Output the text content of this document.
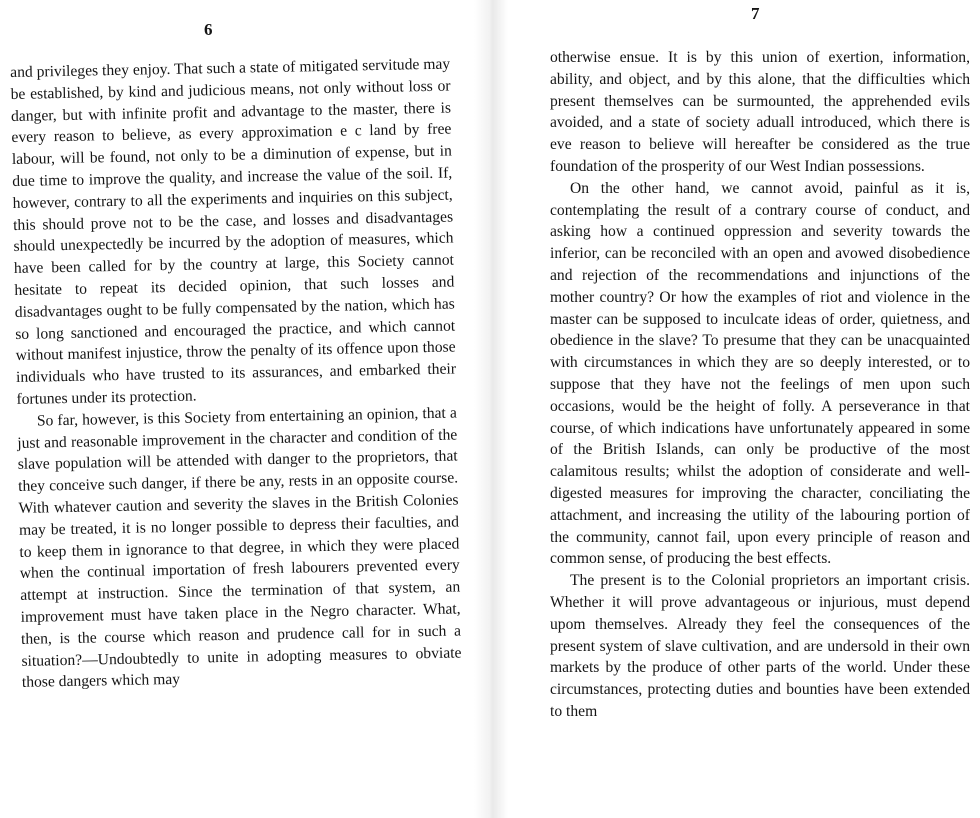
6

and privileges they enjoy. That such a state of mitigated servitude may be established, by kind and judicious means, not only without loss or danger, but with infinite profit and advantage to the master, there is every reason to believe, as every approximation e c land by free labour, will be found, not only to be a diminution of expense, but in due time to improve the quality, and increase the value of the soil. If, however, contrary to all the experiments and inquiries on this subject, this should prove not to be the case, and losses and disadvantages should unexpectedly be incurred by the adoption of measures, which have been called for by the country at large, this Society cannot hesitate to repeat its decided opinion, that such losses and disadvantages ought to be fully compensated by the nation, which has so long sanctioned and encouraged the practice, and which cannot without manifest injustice, throw the penalty of its offence upon those individuals who have trusted to its assurances, and embarked their fortunes under its protection.

So far, however, is this Society from entertaining an opinion, that a just and reasonable improvement in the character and condition of the slave population will be attended with danger to the proprietors, that they conceive such danger, if there be any, rests in an opposite course. With whatever caution and severity the slaves in the British Colonies may be treated, it is no longer possible to depress their faculties, and to keep them in ignorance to that degree, in which they were placed when the continual importation of fresh labourers prevented every attempt at instruction. Since the termination of that system, an improvement must have taken place in the Negro character. What, then, is the course which reason and prudence call for in such a situation?—Undoubtedly to unite in adopting measures to obviate those dangers which may

7

otherwise ensue. It is by this union of exertion, information, ability, and object, and by this alone, that the difficulties which present themselves can be surmounted, the apprehended evils avoided, and a state of society aduall introduced, which there is eve reason to believe will hereafter be considered as the true foundation of the prosperity of our West Indian possessions.

On the other hand, we cannot avoid, painful as it is, contemplating the result of a contrary course of conduct, and asking how a continued oppression and severity towards the inferior, can be reconciled with an open and avowed disobedience and rejection of the recommendations and injunctions of the mother country? Or how the examples of riot and violence in the master can be supposed to inculcate ideas of order, quietness, and obedience in the slave? To presume that they can be unacquainted with circumstances in which they are so deeply interested, or to suppose that they have not the feelings of men upon such occasions, would be the height of folly. A perseverance in that course, of which indications have unfortunately appeared in some of the British Islands, can only be productive of the most calamitous results; whilst the adoption of considerate and well-digested measures for improving the character, conciliating the attachment, and increasing the utility of the labouring portion of the community, cannot fail, upon every principle of reason and common sense, of producing the best effects.

The present is to the Colonial proprietors an important crisis. Whether it will prove advantageous or injurious, must depend upom themselves. Already they feel the consequences of the present system of slave cultivation, and are undersold in their own markets by the produce of other parts of the world. Under these circumstances, protecting duties and bounties have been extended to them
